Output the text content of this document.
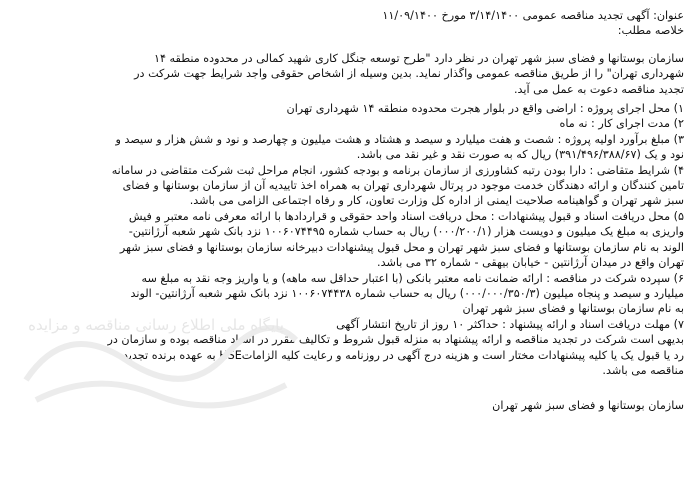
پایگاه ملی اطلاع رسانی مناقصه و مزایده
عنوان: آگهی تجدید مناقصه عمومی ۳/۱۴/۱۴۰۰ مورخ ۱۱/۰۹/۱۴۰۰
خلاصه مطلب:
سازمان بوستانها و فضای سبز شهر تهران در نظر دارد "طرح توسعه جنگل کاری شهید کمالی در محدوده منطقه ۱۴
شهرداری تهران" را از طریق مناقصه عمومی واگذار نماید. بدین وسیله از اشخاص حقوقی واجد شرایط جهت شرکت در
تجدید مناقصه دعوت به عمل می آید.
۱) محل اجرای پروژه : اراضی واقع در بلوار هجرت محدوده منطقه ۱۴ شهرداری تهران
۲) مدت اجرای کار : نه ماه
۳) مبلغ برآورد اولیه پروژه : شصت و هفت میلیارد و سیصد و هشتاد و هشت میلیون و چهارصد و نود و شش هزار و سیصد و
نود و یک (۳۹۱/۴۹۶/۳۸۸/۶۷) ریال که به صورت نقد و غیر نقد می باشد.
۴) شرایط متقاضی : دارا بودن رتبه کشاورزی از سازمان برنامه و بودجه کشور، انجام مراحل ثبت شرکت متقاضی در سامانه
تامین کنندگان و ارائه دهندگان خدمت موجود در پرتال شهرداری تهران به همراه اخذ تاییدیه آن از سازمان بوستانها و فضای
سبز شهر تهران و گواهینامه صلاحیت ایمنی از اداره کل وزارت تعاون، کار و رفاه اجتماعی الزامی می باشد.
۵) محل دریافت اسناد و قبول پیشنهادات : محل دریافت اسناد واحد حقوقی و قراردادها با ارائه معرفی نامه معتبر و فیش
واریزی به مبلغ یک میلیون و دویست هزار (۰۰۰/۲۰۰/۱) ریال به حساب شماره ۱۰۰۶۰۷۴۴۹۵ نزد بانک شهر شعبه آرژانتین-
الوند به نام سازمان بوستانها و فضای سبز شهر تهران و محل قبول پیشنهادات دبیرخانه سازمان بوستانها و فضای سبز شهر
تهران واقع در میدان آرژانتین - خیابان بیهقی - شماره ۳۲ می باشد.
۶) سپرده شرکت در مناقصه : ارائه ضمانت نامه معتبر بانکی (با اعتبار حداقل سه ماهه) و یا واریز وجه نقد به مبلغ سه
میلیارد و سیصد و پنجاه میلیون (۰۰۰/۰۰۰/۳۵۰/۳) ریال به حساب شماره ۱۰۰۶۰۷۴۴۳۸ نزد بانک شهر شعبه آرژانتین- الوند
به نام سازمان بوستانها و فضای سبز شهر تهران
۷) مهلت دریافت اسناد و ارائه پیشنهاد : حداکثر ۱۰ روز از تاریخ انتشار آگهی
بدیهی است شرکت در تجدید مناقصه و ارائه پیشنهاد به منزله قبول شروط و تکالیف مقرر در اسناد مناقصه بوده و سازمان در
رد یا قبول یک یا کلیه پیشنهادات مختار است و هزینه درج آگهی در روزنامه و رعایت کلیه الزاماتHSE به عهده برنده تجدید
مناقصه می باشد.
سازمان بوستانها و فضای سبز شهر تهران
